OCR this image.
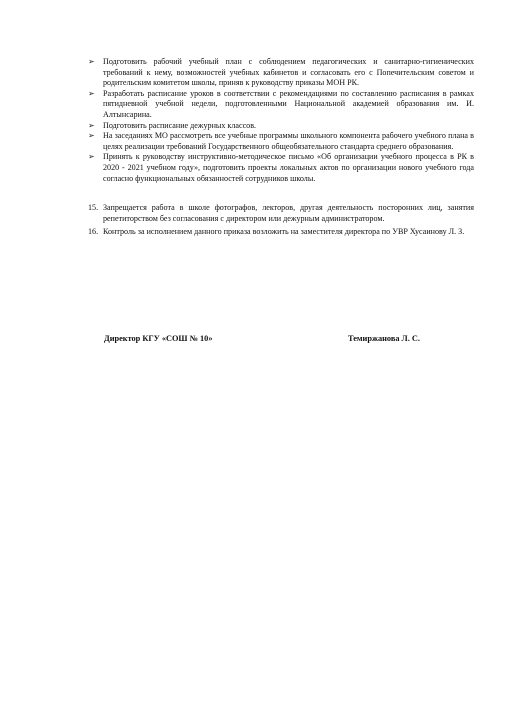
➢ Подготовить рабочий учебный план с соблюдением педагогических и санитарно-гигиенических требований к нему, возможностей учебных кабинетов и согласовать его с Попечительским советом и родительским комитетом школы, приняв к руководству приказы МОН РК.
➢ Разработать расписание уроков в соответствии с рекомендациями по составлению расписания в рамках пятидневной учебной недели, подготовленными Национальной академией образования им. И. Алтынсарина.
➢ Подготовить расписание дежурных классов.
➢ На заседаниях МО рассмотреть все учебные программы школьного компонента рабочего учебного плана в целях реализации требований Государственного общеобязательного стандарта среднего образования.
➢ Принять к руководству инструктивно-методическое письмо «Об организации учебного процесса в РК в 2020 - 2021 учебном году», подготовить проекты локальных актов по организации нового учебного года согласно функциональных обязанностей сотрудников школы.
15. Запрещается работа в школе фотографов, лекторов, другая деятельность посторонних лиц, занятия репетиторством без согласования с директором или дежурным администратором.
16. Контроль за исполнением данного приказа возложить на заместителя директора по УВР Хусаинову Л. З.
Директор КГУ «СОШ № 10»	Темиржанова Л. С.
